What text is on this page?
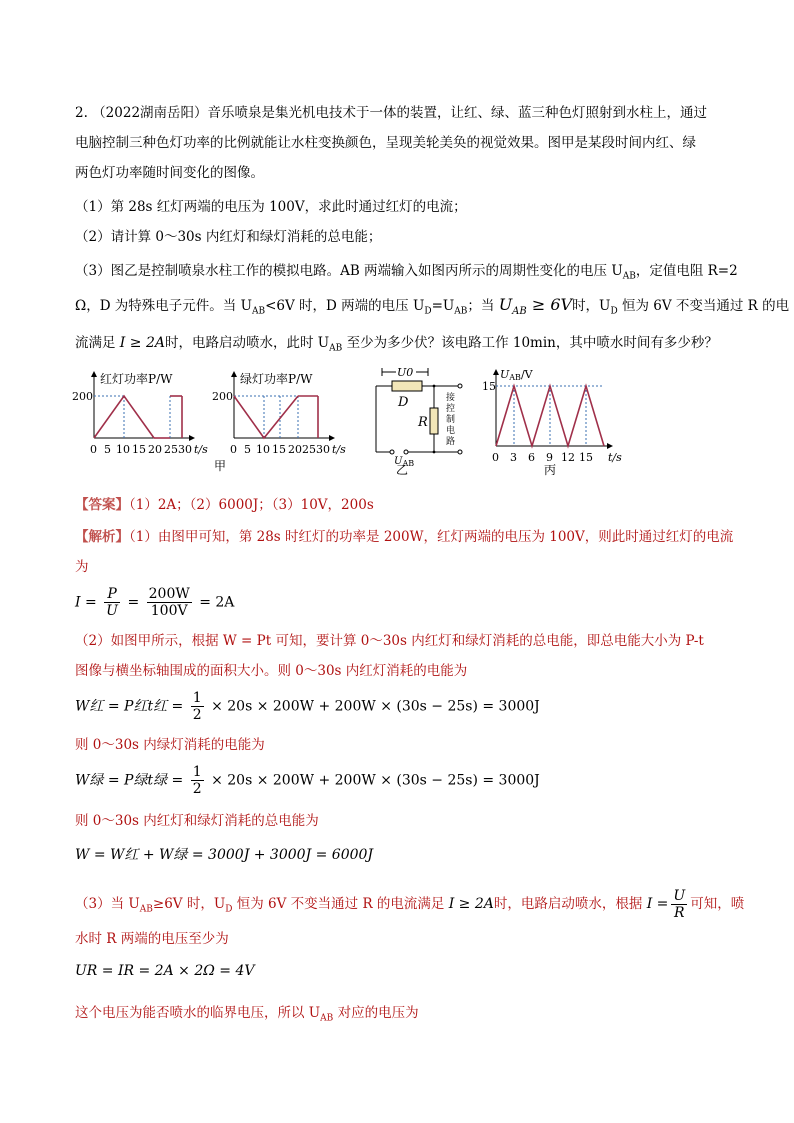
2. （2022湖南岳阳）音乐喷泉是集光机电技术于一体的装置，让红、绿、蓝三种色灯照射到水柱上，通过
电脑控制三种色灯功率的比例就能让水柱变换颜色，呈现美轮美奂的视觉效果。图甲是某段时间内红、绿
两色灯功率随时间变化的图像。
（1）第 28s 红灯两端的电压为 100V，求此时通过红灯的电流；
（2）请计算 0～30s 内红灯和绿灯消耗的总电能；
（3）图乙是控制喷泉水柱工作的模拟电路。AB 两端输入如图丙所示的周期性变化的电压 $U_{AB}$，定值电阻 R=2
Ω，D 为特殊电子元件。当 $U_{AB}<6V$ 时，D 两端的电压 $U_D=U_{AB}$；当 $U_{AB} \ge 6V$时，$U_D$ 恒为 6V 不变当通过 R 的电
流满足 I ≥ 2A时，电路启动喷水，此时 $U_{AB}$ 至少为多少伏？该电路工作 10min，其中喷水时间有多少秒？
红灯功率P/W
200
0 5 10 15 20 25 30 t/s
绿灯功率P/W
200
0 5 10 15 20 25 30 t/s
甲
U0
D
R
接
控
制
电
路
$U_{AB}$
乙
UAB/V
15
0 3 6 9 12 15 t/s
丙
【答案】（1）2A；（2）6000J；（3）10V，200s
【解析】（1）由图甲可知，第 28s 时红灯的功率是 200W，红灯两端的电压为 100V，则此时通过红灯的电流
为
$I = \frac{P}{U} = \frac{200W}{100V} = 2A$
（2）如图甲所示，根据 W = Pt 可知，要计算 0～30s 内红灯和绿灯消耗的总电能，即总电能大小为 P-t
图像与横坐标轴围成的面积大小。则 0～30s 内红灯消耗的电能为
W红 = P红t红 = $\frac{1}{2} \times 20s \times 200W + 200W \times (30s - 25s) = 3000J$
则 0～30s 内绿灯消耗的电能为
W绿 = P绿t绿 = $\frac{1}{2} \times 20s \times 200W + 200W \times (30s - 25s) = 3000J$
则 0～30s 内红灯和绿灯消耗的总电能为
W = W红 + W绿 = 3000J + 3000J = 6000J
（3）当 $U_{AB}\ge 6V$ 时，$U_D$ 恒为 6V 不变当通过 R 的电流满足 I ≥ 2A时，电路启动喷水，根据 $I = \frac{U}{R}$ 可知，喷
水时 R 两端的电压至少为
UR = IR = 2A × 2Ω = 4V
这个电压为能否喷水的临界电压，所以 $U_{AB}$ 对应的电压为
